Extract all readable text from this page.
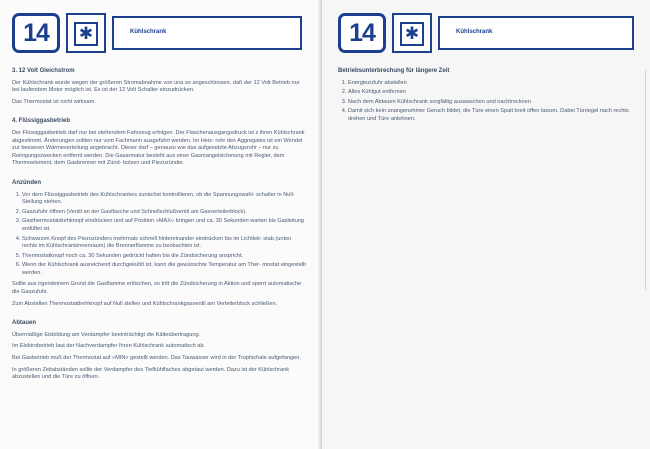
14	✱	Kühlschrank
3. 12 Volt Gleichstrom

Der Kühlschrank wurde wegen der größeren Stromabnahme von una so angeschlossen, daß der 12 Volt Betrieb nur bei laufendem Motor möglich ist. Es ist der 12 Volt Schalter einzudrücken.

Das Thermostat ist nicht wirksam.

4. Flüssiggasbetrieb

Der Flüssiggasbetrieb darf nur bei stehendem Fahrzeug erfolgen. Der Flaschenausgangsdruck ist z ihren Kühlschrank abgestimmt. Änderungen sollten nur vom Fachmann ausgeführt werden. Im Heiz- rohr des Aggregates ist ein Wendel zur besseren Wärmeverteilung angebracht. Dieser darf – genauso wie das aufgesetzte Abzugsrohr – nur zu Reinigungszwecken entfernt werden. Die Gasarmatur besteht aus einer Gasmangelsicherung mit Regler, dem Thermoelement, dem Gasbrenner mit Zünd- bolzen und Piezozünder.

Anzünden
1. Vor dem Flüssiggasbetrieb des Kühlschrankes zunächst kontrollieren, ob die Spannungswahl- schalter in Null-Stellung stehen.
2. Gaszufuhr öffnen (Ventil an der Gasflasche und Schnellschlußventil am Gasverteilerblock).
3. Gasthermostatdrehknopf eindrücken und auf Position »MAX« bringen und ca. 30 Sekunden warten bis Gasleitung entlüftet ist.
4. Schwarzen Knopf des Piezozünders mehrmals schnell hintereinander eindrücken bis im Lichtleit- stab (unten rechts im Kühlschrankinnenraum) die Brennerflamme zu beobachten ist.
5. Thermostatknopf noch ca. 30 Sekunden gedrückt halten bis die Zündsicherung anspricht.
6. Wenn der Kühlschrank ausreichend durchgekühlt ist, kann die gewünschte Temperatur am Ther- mostat eingestellt werden.

Sollte aus irgendeinem Grund die Gasflamme erlöschen, so tritt die Zündsicherung in Aktion und sperrt automatische die Gaszufuhr.

Zum Abstellen Thermostatdrehknopf auf Null stellen und Kühlschrankgasventil am Verteilerblock schließen.

Abtauen

Übermäßige Eisbildung am Verdampfer beeinträchtigt die Kälteübertragung.

Im Elektrobetrieb laut der Nachverdampfer Ihren Kühlschrank automatisch ab.

Bei Gasbetrieb muß der Thermostat auf »MIN« gestellt werden. Das Tauwasser wird in der Tropfschale aufgefangen.

In größeren Zeitabständen sollte der Verdampfer des Tiefkühlfaches abgetaut werden. Dazu ist der Kühlschrank abzustellen und die Türe zu öffnen.

14	✱	Kühlschrank
Betriebsunterbrechung für längere Zeit
1. Energiezufuhr abstellen
2. Alles Kühlgut entfernen
3. Nach dem Abtauen Kühlschrank sorgfältig auswaschen und nachtrocknen
4. Damit sich kein unangenehmer Geruch bildet, die Türe einen Spalt breit offen lassen. Dabei Türriegel nach rechts drehen und Türe anlehnen.
